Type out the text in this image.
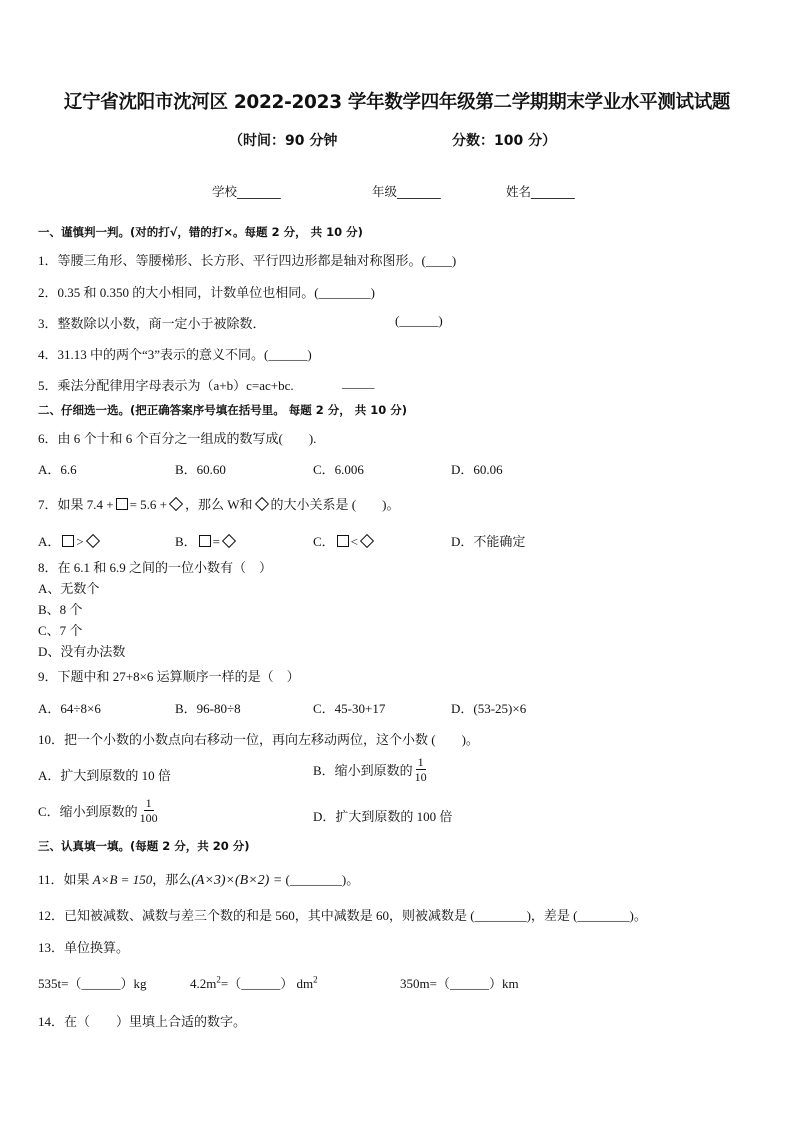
辽宁省沈阳市沈河区 2022-2023 学年数学四年级第二学期期末学业水平测试试题
（时间：90 分钟	分数：100 分）
学校_______	年级_______	姓名_______
一、谨慎判一判。(对的打√，错的打×。每题 2 分， 共 10 分)
1．等腰三角形、等腰梯形、长方形、平行四边形都是轴对称图形。(____)
2．0.35 和 0.350 的大小相同，计数单位也相同。(________)
3．整数除以小数，商一定小于被除数．	(______)
4．31.13 中的两个“3”表示的意义不同。(______)
5．乘法分配律用字母表示为（a+b）c=ac+bc.	_____
二、仔细选一选。(把正确答案序号填在括号里。 每题 2 分， 共 10 分)
6．由 6 个十和 6 个百分之一组成的数写成(　　).
A．6.6	B．60.60	C．6.006	D．60.06
7．如果 7.4 + = 5.6 + ，那么 W和 的大小关系是 (　　)。
A． >	B． =	C． <	D．不能确定
8．在 6.1 和 6.9 之间的一位小数有（　）
A、无数个
B、8 个
C、7 个
D、没有办法数
9．下题中和 27+8×6 运算顺序一样的是（　）
A．64÷8×6	B．96-80÷8	C．45-30+17	D．(53-25)×6
10．把一个小数的小数点向右移动一位，再向左移动两位，这个小数 (　　)。
A．扩大到原数的 10 倍	B．缩小到原数的 $\frac{1}{10}$
C．缩小到原数的 $\frac{1}{100}$	D．扩大到原数的 100 倍
三、认真填一填。(每题 2 分，共 20 分)
11．如果 A×B = 150，那么(A×3)×(B×2) = (________)。
12．已知被减数、减数与差三个数的和是 560，其中减数是 60，则被减数是 (________)，差是 (________)。
13．单位换算。
535t=（______）kg	$4.2m^2=(\_\_\_\_\_\_)$ $dm^2$	350m=（______）km
14．在（　　）里填上合适的数字。
